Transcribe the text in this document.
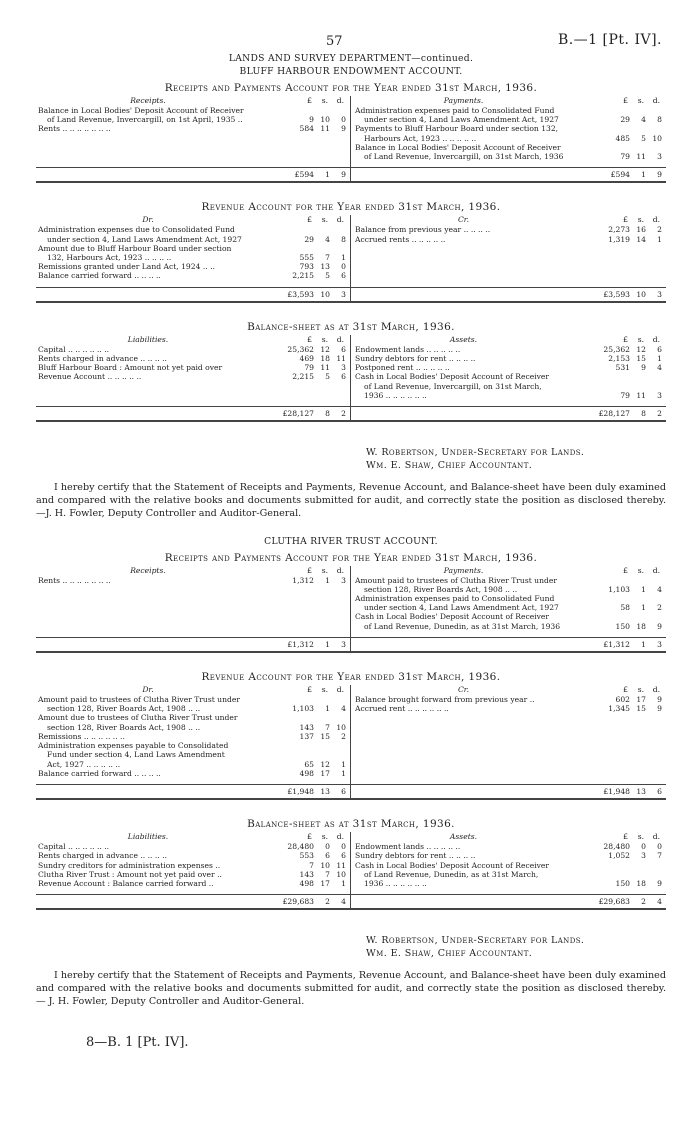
57	B.—1 [Pt. IV].
LANDS AND SURVEY DEPARTMENT—continued.
BLUFF HARBOUR ENDOWMENT ACCOUNT.
Receipts and Payments Account for the Year ended 31st March, 1936.
Receipts.	£	s.	d.
Balance in Local Bodies' Deposit Account of Receiver
of Land Revenue, Invercargill, on 1st April, 1935 ..	9 10	0
Rents .. .. .. .. .. .. ..	584 11	9
Payments.	£	s.	d.
Administration expenses paid to Consolidated Fund
under section 4, Land Laws Amendment Act, 1927	29	4	8
Payments to Bluff Harbour Board under section 132,
Harbours Act, 1923 .. .. .. .. ..	485	5 10
Balance in Local Bodies' Deposit Account of Receiver
of Land Revenue, Invercargill, on 31st March, 1936	79 11	3
£594	1	9	£594	1	9
Revenue Account for the Year ended 31st March, 1936.
Dr.	£	s.	d.
Administration expenses due to Consolidated Fund
under section 4, Land Laws Amendment Act, 1927	29	4	8
Amount due to Bluff Harbour Board under section
132, Harbours Act, 1923 .. .. .. ..	555	7	1
Remissions granted under Land Act, 1924 .. ..	793 13	0
Balance carried forward .. .. .. ..	2,215	5	6
Cr.	£	s.	d.
Balance from previous year .. .. .. ..	2,273 16	2
Accrued rents .. .. .. .. ..	1,319 14	1
£3,593 10	3	£3,593 10	3
Balance-sheet as at 31st March, 1936.
Liabilities.	£	s.	d.
Capital .. .. .. .. .. ..	25,362 12	6
Rents charged in advance .. .. .. ..	469 18 11
Bluff Harbour Board : Amount not yet paid over	79 11	3
Revenue Account .. .. .. .. ..	2,215	5	6
Assets.	£	s.	d.
Endowment lands .. .. .. .. ..	25,362 12	6
Sundry debtors for rent .. .. .. ..	2,153 15	1
Postponed rent .. .. .. .. ..	531	9	4
Cash in Local Bodies' Deposit Account of Receiver
of Land Revenue, Invercargill, on 31st March,
1936 .. .. .. .. .. ..	79 11	3
£28,127	8	2	£28,127	8	2
W. Robertson, Under-Secretary for Lands.
Wm. E. Shaw, Chief Accountant.
I hereby certify that the Statement of Receipts and Payments, Revenue Account, and Balance-sheet have been duly examined and compared with the relative books and documents submitted for audit, and correctly state the position as disclosed thereby.—J. H. Fowler, Deputy Controller and Auditor-General.
CLUTHA RIVER TRUST ACCOUNT.
Receipts and Payments Account for the Year ended 31st March, 1936.
Receipts.	£	s.	d.
Rents .. .. .. .. .. .. ..	1,312	1	3
Payments.	£	s.	d.
Amount paid to trustees of Clutha River Trust under
section 128, River Boards Act, 1908 .. ..	1,103	1	4
Administration expenses paid to Consolidated Fund
under section 4, Land Laws Amendment Act, 1927	58	1	2
Cash in Local Bodies' Deposit Account of Receiver
of Land Revenue, Dunedin, as at 31st March, 1936	150 18	9
£1,312	1	3	£1,312	1	3
Revenue Account for the Year ended 31st March, 1936.
Dr.	£	s.	d.
Amount paid to trustees of Clutha River Trust under
section 128, River Boards Act, 1908 .. ..	1,103	1	4
Amount due to trustees of Clutha River Trust under
section 128, River Boards Act, 1908 .. ..	143	7 10
Remissions .. .. .. .. .. ..	137 15	2
Administration expenses payable to Consolidated
Fund under section 4, Land Laws Amendment
Act, 1927 .. .. .. .. ..	65 12	1
Balance carried forward .. .. .. ..	498 17	1
Cr.	£	s.	d.
Balance brought forward from previous year ..	602 17	9
Accrued rent .. .. .. .. .. ..	1,345 15	9
£1,948 13	6	£1,948 13	6
Balance-sheet as at 31st March, 1936.
Liabilities.	£	s.	d.
Capital .. .. .. .. .. ..	28,480	0	0
Rents charged in advance .. .. .. ..	553	6	6
Sundry creditors for administration expenses ..	7 10 11
Clutha River Trust : Amount not yet paid over ..	143	7 10
Revenue Account : Balance carried forward ..	498 17	1
Assets.	£	s.	d.
Endowment lands .. .. .. .. ..	28,480	0	0
Sundry debtors for rent .. .. .. ..	1,052	3	7
Cash in Local Bodies' Deposit Account of Receiver
of Land Revenue, Dunedin, as at 31st March,
1936 .. .. .. .. .. ..	150 18	9
£29,683	2	4	£29,683	2	4
W. Robertson, Under-Secretary for Lands.
Wm. E. Shaw, Chief Accountant.
I hereby certify that the Statement of Receipts and Payments, Revenue Account, and Balance-sheet have been duly examined and compared with the relative books and documents submitted for audit, and correctly state the position as disclosed thereby.— J. H. Fowler, Deputy Controller and Auditor-General.
8—B. 1 [Pt. IV].
